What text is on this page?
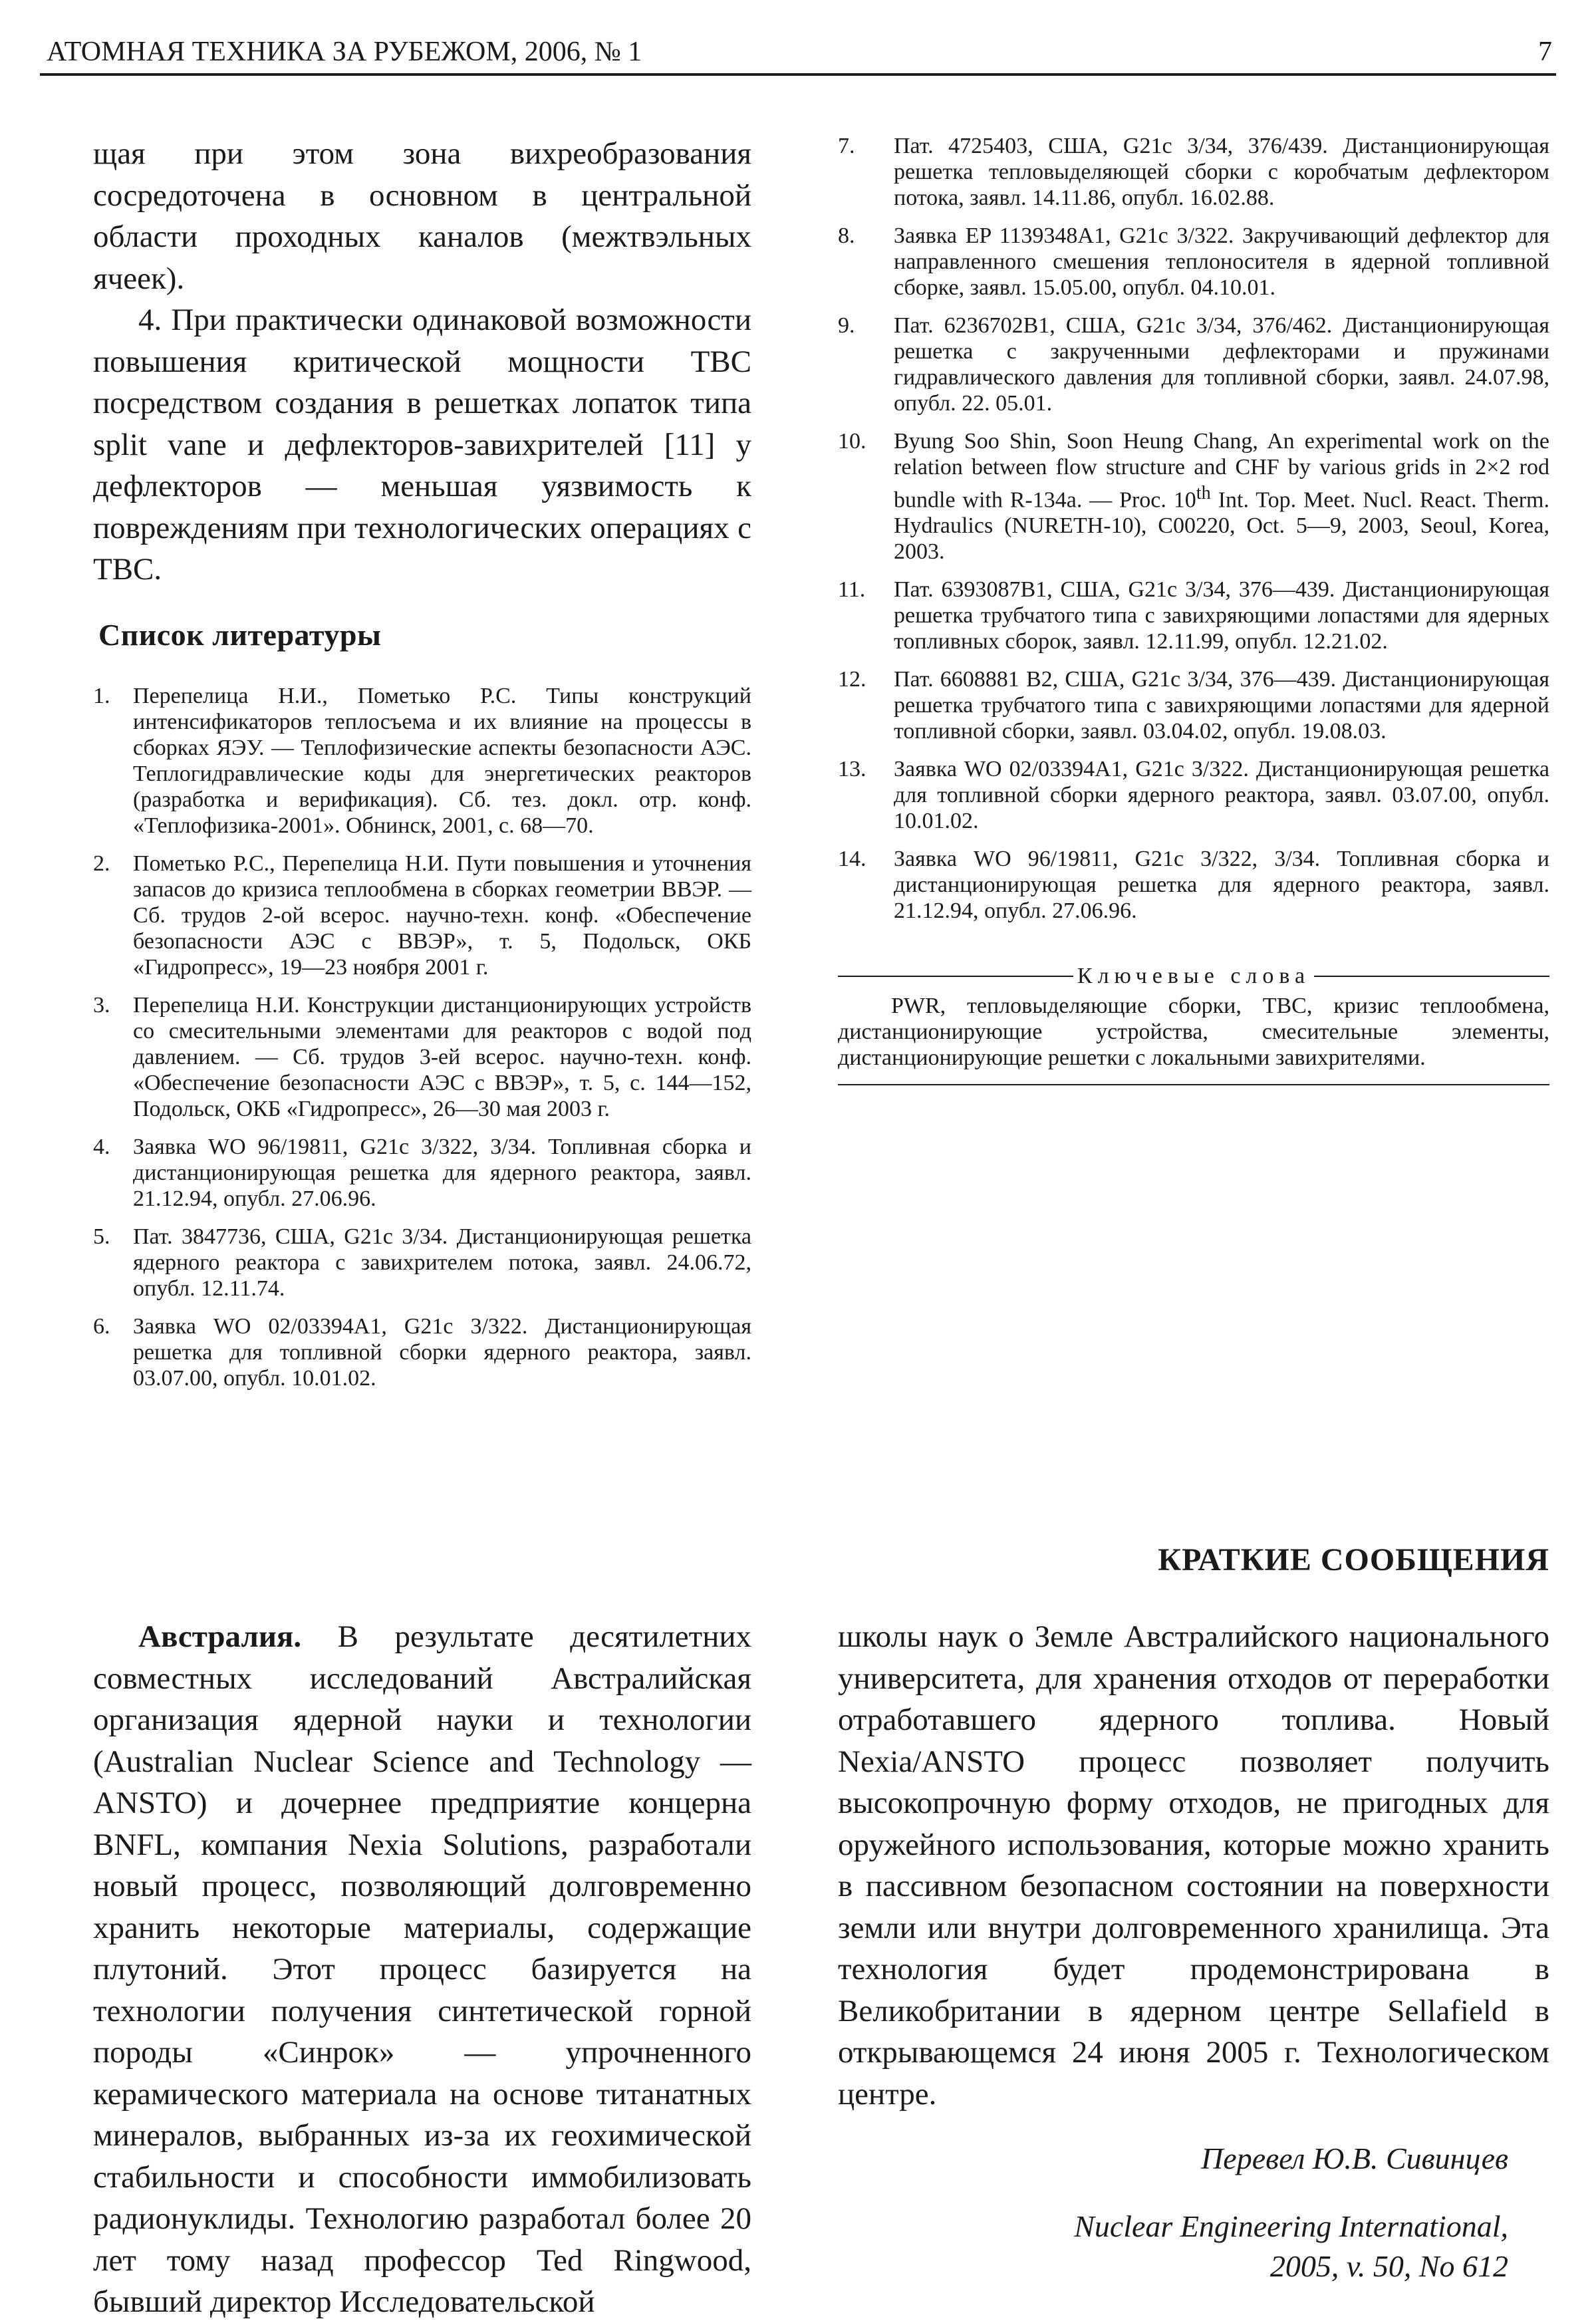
АТОМНАЯ ТЕХНИКА ЗА РУБЕЖОМ, 2006, № 1	7

щая при этом зона вихреобразования сосредоточена в основном в центральной области проходных каналов (межтвэльных ячеек).

4. При практически одинаковой возможности повышения критической мощности ТВС посредством создания в решетках лопаток типа split vane и дефлекторов-завихрителей [11] у дефлекторов — меньшая уязвимость к повреждениям при технологических операциях с ТВС.

Список литературы
1. Перепелица Н.И., Пометько Р.С. Типы конструкций интенсификаторов теплосъема и их влияние на процессы в сборках ЯЭУ. — Теплофизические аспекты безопасности АЭС. Теплогидравлические коды для энергетических реакторов (разработка и верификация). Сб. тез. докл. отр. конф. «Теплофизика-2001». Обнинск, 2001, с. 68—70.
2. Пометько Р.С., Перепелица Н.И. Пути повышения и уточнения запасов до кризиса теплообмена в сборках геометрии ВВЭР. — Сб. трудов 2-ой всерос. научно-техн. конф. «Обеспечение безопасности АЭС с ВВЭР», т. 5, Подольск, ОКБ «Гидропресс», 19—23 ноября 2001 г.
3. Перепелица Н.И. Конструкции дистанционирующих устройств со смесительными элементами для реакторов с водой под давлением. — Сб. трудов 3-ей всерос. научно-техн. конф. «Обеспечение безопасности АЭС с ВВЭР», т. 5, с. 144—152, Подольск, ОКБ «Гидропресс», 26—30 мая 2003 г.
4. Заявка WO 96/19811, G21c 3/322, 3/34. Топливная сборка и дистанционирующая решетка для ядерного реактора, заявл. 21.12.94, опубл. 27.06.96.
5. Пат. 3847736, США, G21c 3/34. Дистанционирующая решетка ядерного реактора с завихрителем потока, заявл. 24.06.72, опубл. 12.11.74.
6. Заявка WO 02/03394A1, G21c 3/322. Дистанционирующая решетка для топливной сборки ядерного реактора, заявл. 03.07.00, опубл. 10.01.02.
7. Пат. 4725403, США, G21c 3/34, 376/439. Дистанционирующая решетка тепловыделяющей сборки с коробчатым дефлектором потока, заявл. 14.11.86, опубл. 16.02.88.
8. Заявка EP 1139348A1, G21c 3/322. Закручивающий дефлектор для направленного смешения теплоносителя в ядерной топливной сборке, заявл. 15.05.00, опубл. 04.10.01.
9. Пат. 6236702B1, США, G21c 3/34, 376/462. Дистанционирующая решетка с закрученными дефлекторами и пружинами гидравлического давления для топливной сборки, заявл. 24.07.98, опубл. 22. 05.01.
10. Byung Soo Shin, Soon Heung Chang, An experimental work on the relation between flow structure and CHF by various grids in 2×2 rod bundle with R-134a. — Proc. 10th Int. Top. Meet. Nucl. React. Therm. Hydraulics (NURETH-10), C00220, Oct. 5—9, 2003, Seoul, Korea, 2003.
11. Пат. 6393087B1, США, G21c 3/34, 376—439. Дистанционирующая решетка трубчатого типа с завихряющими лопастями для ядерных топливных сборок, заявл. 12.11.99, опубл. 12.21.02.
12. Пат. 6608881 B2, США, G21c 3/34, 376—439. Дистанционирующая решетка трубчатого типа с завихряющими лопастями для ядерной топливной сборки, заявл. 03.04.02, опубл. 19.08.03.
13. Заявка WO 02/03394A1, G21c 3/322. Дистанционирующая решетка для топливной сборки ядерного реактора, заявл. 03.07.00, опубл. 10.01.02.
14. Заявка WO 96/19811, G21c 3/322, 3/34. Топливная сборка и дистанционирующая решетка для ядерного реактора, заявл. 21.12.94, опубл. 27.06.96.
Ключевые слова

PWR, тепловыделяющие сборки, ТВС, кризис теплообмена, дистанционирующие устройства, смесительные элементы, дистанционирующие решетки с локальными завихрителями.

КРАТКИЕ СООБЩЕНИЯ

Австралия. В результате десятилетних совместных исследований Австралийская организация ядерной науки и технологии (Australian Nuclear Science and Technology — ANSTO) и дочернее предприятие концерна BNFL, компания Nexia Solutions, разработали новый процесс, позволяющий долговременно хранить некоторые материалы, содержащие плутоний. Этот процесс базируется на технологии получения синтетической горной породы «Синрок» — упрочненного керамического материала на основе титанатных минералов, выбранных из-за их геохимической стабильности и способности иммобилизовать радионуклиды. Технологию разработал более 20 лет тому назад профессор Ted Ringwood, бывший директор Исследовательской

школы наук о Земле Австралийского национального университета, для хранения отходов от переработки отработавшего ядерного топлива. Новый Nexia/ANSTO процесс позволяет получить высокопрочную форму отходов, не пригодных для оружейного использования, которые можно хранить в пассивном безопасном состоянии на поверхности земли или внутри долговременного хранилища. Эта технология будет продемонстрирована в Великобритании в ядерном центре Sellafield в открывающемся 24 июня 2005 г. Технологическом центре.

Перевел Ю.В. Сивинцев

Nuclear Engineering International,

2005, v. 50, No 612
